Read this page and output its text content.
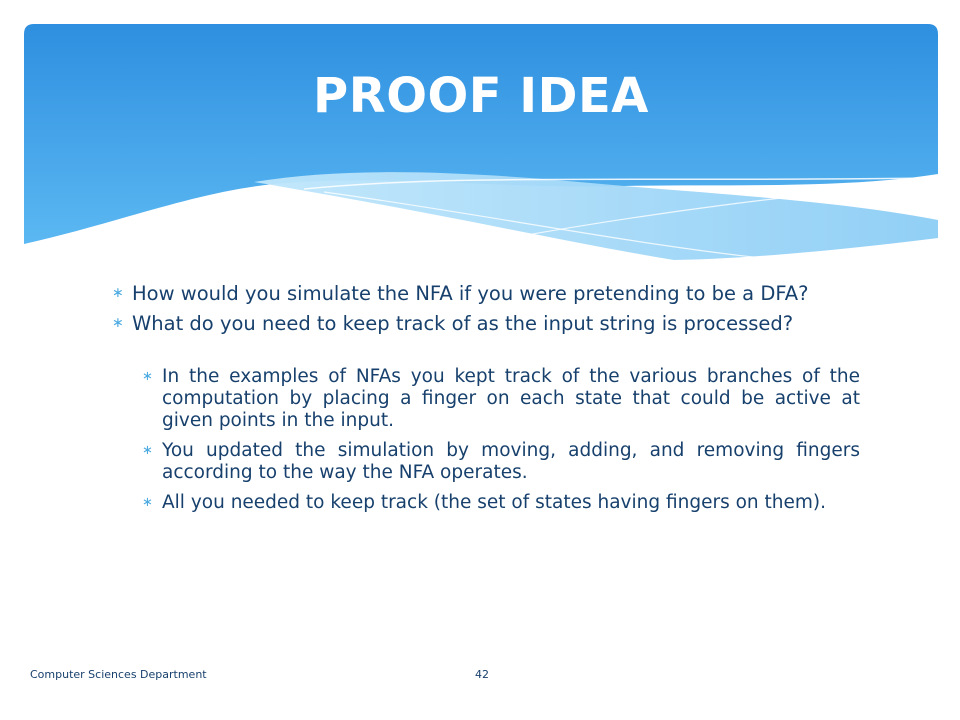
PROOF IDEA
∗ How would you simulate the NFA if you were pretending to be a DFA?
∗ What do you need to keep track of as the input string is processed?
∗ In the examples of NFAs you kept track of the various branches of the computation by placing a finger on each state that could be active at given points in the input.
∗ You updated the simulation by moving, adding, and removing fingers according to the way the NFA operates.
∗ All you needed to keep track (the set of states having fingers on them).
Computer Sciences Department	42
